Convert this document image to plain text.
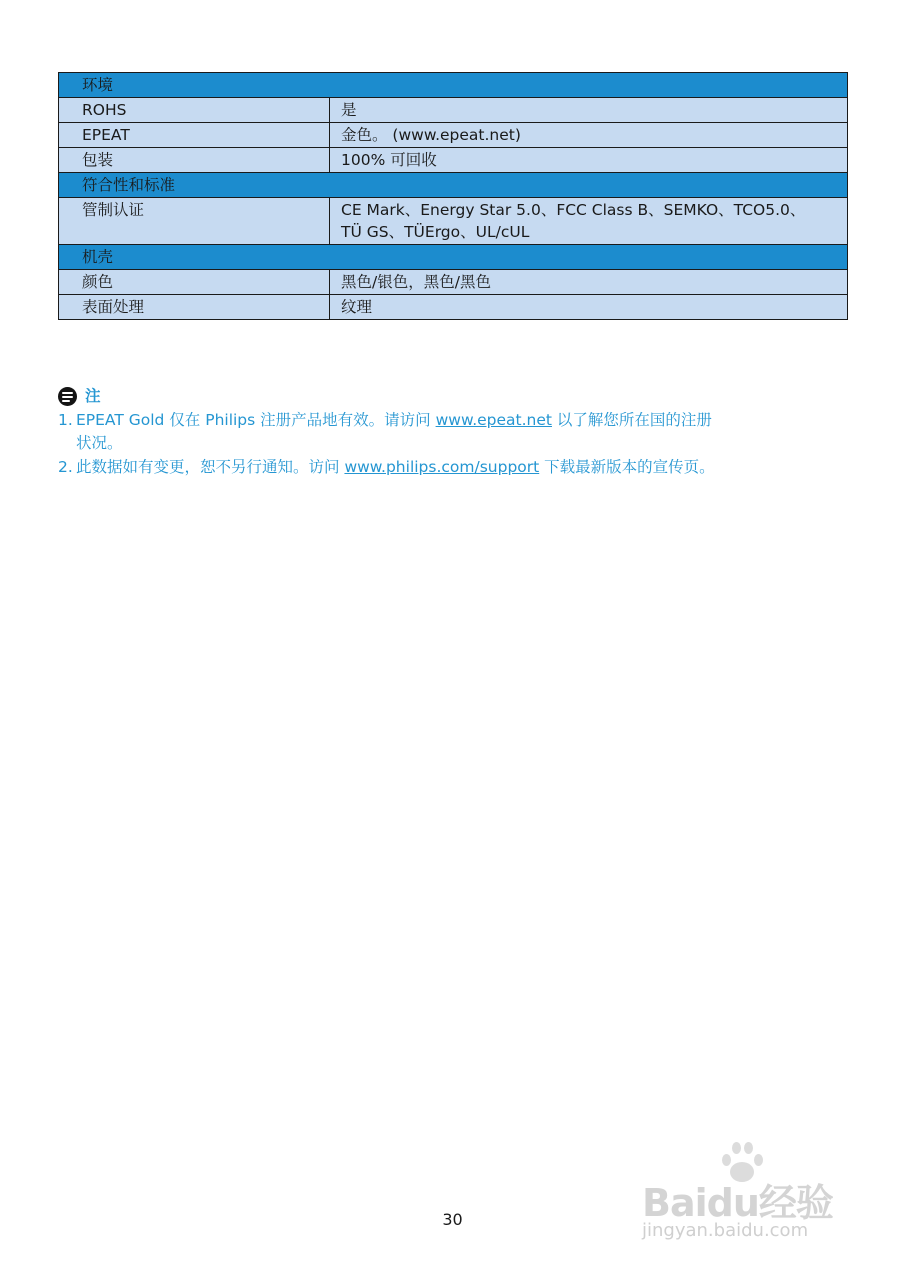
环境	
ROHS	是
EPEAT	金色。 (www.epeat.net)
包装	100% 可回收
符合性和标准	
管制认证	CE Mark、Energy Star 5.0、FCC Class B、SEMKO、TCO5.0、
TÜ GS、TÜErgo、UL/cUL

机壳	
颜色	黑色/银色，黑色/黑色
表面处理	纹理
注
1. EPEAT Gold 仅在 Philips 注册产品地有效。请访问 www.epeat.net 以了解您所在国的注册
状况。
2. 此数据如有变更，恕不另行通知。访问 www.philips.com/support 下载最新版本的宣传页。
30	Baidu经验
jingyan.baidu.com
